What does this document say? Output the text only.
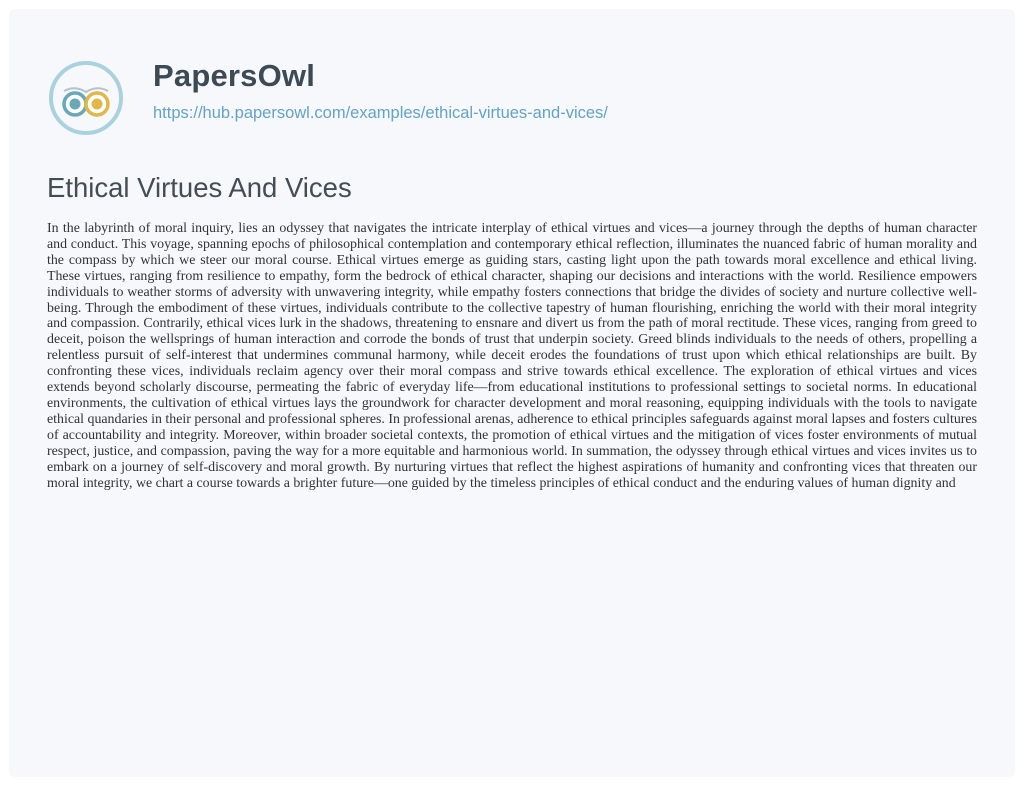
PapersOwl
https://hub.papersowl.com/examples/ethical-virtues-and-vices/
Ethical Virtues And Vices

In the labyrinth of moral inquiry, lies an odyssey that navigates the intricate interplay of ethical virtues and vices—a journey through the depths of human character and conduct. This voyage, spanning epochs of philosophical contemplation and contemporary ethical reflection, illuminates the nuanced fabric of human morality and the compass by which we steer our moral course. Ethical virtues emerge as guiding stars, casting light upon the path towards moral excellence and ethical living. These virtues, ranging from resilience to empathy, form the bedrock of ethical character, shaping our decisions and interactions with the world. Resilience empowers individuals to weather storms of adversity with unwavering integrity, while empathy fosters connections that bridge the divides of society and nurture collective well-being. Through the embodiment of these virtues, individuals contribute to the collective tapestry of human flourishing, enriching the world with their moral integrity and compassion. Contrarily, ethical vices lurk in the shadows, threatening to ensnare and divert us from the path of moral rectitude. These vices, ranging from greed to deceit, poison the wellsprings of human interaction and corrode the bonds of trust that underpin society. Greed blinds individuals to the needs of others, propelling a relentless pursuit of self-interest that undermines communal harmony, while deceit erodes the foundations of trust upon which ethical relationships are built. By confronting these vices, individuals reclaim agency over their moral compass and strive towards ethical excellence. The exploration of ethical virtues and vices extends beyond scholarly discourse, permeating the fabric of everyday life—from educational institutions to professional settings to societal norms. In educational environments, the cultivation of ethical virtues lays the groundwork for character development and moral reasoning, equipping individuals with the tools to navigate ethical quandaries in their personal and professional spheres. In professional arenas, adherence to ethical principles safeguards against moral lapses and fosters cultures of accountability and integrity. Moreover, within broader societal contexts, the promotion of ethical virtues and the mitigation of vices foster environments of mutual respect, justice, and compassion, paving the way for a more equitable and harmonious world. In summation, the odyssey through ethical virtues and vices invites us to embark on a journey of self-discovery and moral growth. By nurturing virtues that reflect the highest aspirations of humanity and confronting vices that threaten our moral integrity, we chart a course towards a brighter future—one guided by the timeless principles of ethical conduct and the enduring values of human dignity and
